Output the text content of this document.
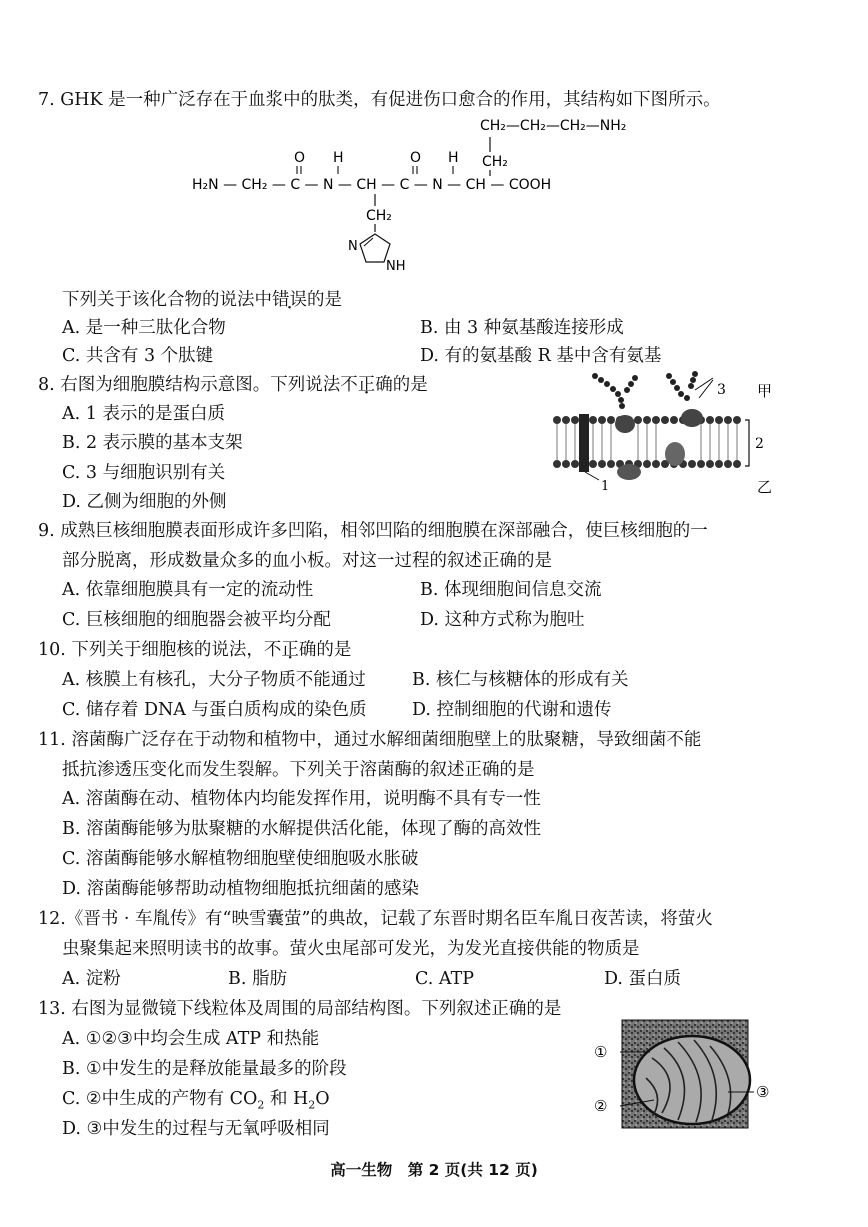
7. GHK 是一种广泛存在于血浆中的肽类，有促进伤口愈合的作用，其结构如下图所示。
CH₂—CH₂—CH₂—NH₂
CH₂
O H	O H
H₂N — CH₂ — C — N — CH — C — N — CH — COOH
CH₂
N
NH
下列关于该化合物的说法中错误的是
A. 是一种三肽化合物	B. 由 3 种氨基酸连接形成
C. 共含有 3 个肽键	D. 有的氨基酸 R 基中含有氨基
8. 右图为细胞膜结构示意图。下列说法不正确的是
A. 1 表示的是蛋白质
B. 2 表示膜的基本支架
C. 3 与细胞识别有关
D. 乙侧为细胞的外侧
3 甲
1
2
乙
9. 成熟巨核细胞膜表面形成许多凹陷，相邻凹陷的细胞膜在深部融合，使巨核细胞的一
部分脱离，形成数量众多的血小板。对这一过程的叙述正确的是
A. 依靠细胞膜具有一定的流动性	B. 体现细胞间信息交流
C. 巨核细胞的细胞器会被平均分配	D. 这种方式称为胞吐
10. 下列关于细胞核的说法，不正确的是
A. 核膜上有核孔，大分子物质不能通过	B. 核仁与核糖体的形成有关
C. 储存着 DNA 与蛋白质构成的染色质	D. 控制细胞的代谢和遗传
11. 溶菌酶广泛存在于动物和植物中，通过水解细菌细胞壁上的肽聚糖，导致细菌不能
抵抗渗透压变化而发生裂解。下列关于溶菌酶的叙述正确的是
A. 溶菌酶在动、植物体内均能发挥作用，说明酶不具有专一性
B. 溶菌酶能够为肽聚糖的水解提供活化能，体现了酶的高效性
C. 溶菌酶能够水解植物细胞壁使细胞吸水胀破
D. 溶菌酶能够帮助动植物细胞抵抗细菌的感染
12.《晋书 · 车胤传》有“映雪囊萤”的典故，记载了东晋时期名臣车胤日夜苦读，将萤火
虫聚集起来照明读书的故事。萤火虫尾部可发光，为发光直接供能的物质是
A. 淀粉	B. 脂肪	C. ATP	D. 蛋白质
13. 右图为显微镜下线粒体及周围的局部结构图。下列叙述正确的是
A. ①②③中均会生成 ATP 和热能
B. ①中发生的是释放能量最多的阶段
C. ②中生成的产物有 $CO_2$ 和 $H_2O$
D. ③中发生的过程与无氧呼吸相同
①
②
③
高一生物　第 2 页(共 12 页)
